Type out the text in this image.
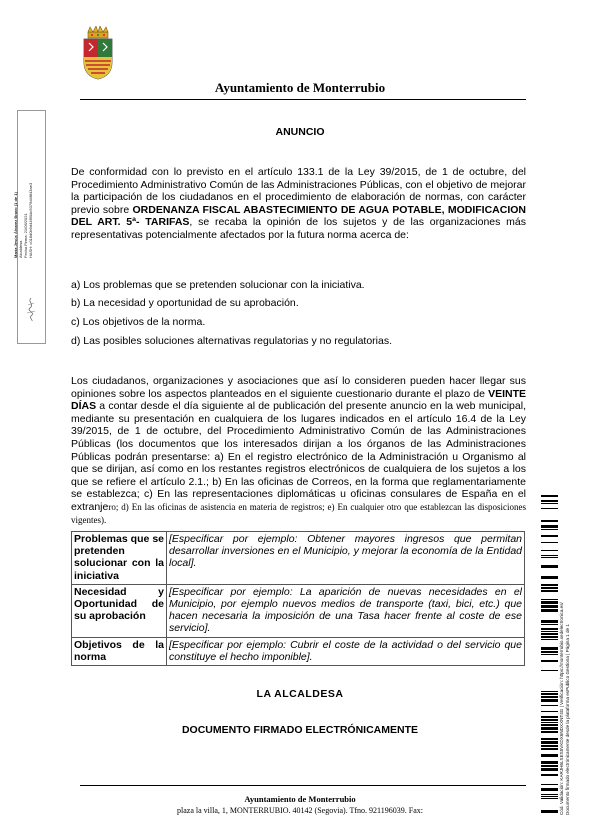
Ayuntamiento de Monterrubio
María Jesús Álvarez Bravo (1 de 1) Alcaldesa Fecha Firma: 21/06/2021 HASH: c018d0b9d44f90dc5079d4f843ae3
ANUNCIO

De conformidad con lo previsto en el artículo 133.1 de la Ley 39/2015, de 1 de octubre, del Procedimiento Administrativo Común de las Administraciones Públicas, con el objetivo de mejorar la participación de los ciudadanos en el procedimiento de elaboración de normas, con carácter previo sobre ORDENANZA FISCAL ABASTECIMIENTO DE AGUA POTABLE, MODIFICACION DEL ART. 5ª- TARIFAS, se recaba la opinión de los sujetos y de las organizaciones más representativas potencialmente afectados por la futura norma acerca de:

a) Los problemas que se pretenden solucionar con la iniciativa.
b) La necesidad y oportunidad de su aprobación.
c) Los objetivos de la norma.
d) Las posibles soluciones alternativas regulatorias y no regulatorias.

Los ciudadanos, organizaciones y asociaciones que así lo consideren pueden hacer llegar sus opiniones sobre los aspectos planteados en el siguiente cuestionario durante el plazo de VEINTE DÍAS a contar desde el día siguiente al de publicación del presente anuncio en la web municipal, mediante su presentación en cualquiera de los lugares indicados en el artículo 16.4 de la Ley 39/2015, de 1 de octubre, del Procedimiento Administrativo Común de las Administraciones Públicas (los documentos que los interesados dirijan a los órganos de las Administraciones Públicas podrán presentarse: a) En el registro electrónico de la Administración u Organismo al que se dirijan, así como en los restantes registros electrónicos de cualquiera de los sujetos a los que se refiere el artículo 2.1.; b) En las oficinas de Correos, en la forma que reglamentariamente se establezca; c) En las representaciones diplomáticas u oficinas consulares de España en el extranjero; d) En las oficinas de asistencia en materia de registros; e) En cualquier otro que establezcan las disposiciones vigentes).

Problemas que se pretenden solucionar con la iniciativa	[Especificar por ejemplo: Obtener mayores ingresos que permitan desarrollar inversiones en el Municipio, y mejorar la economía de la Entidad local].
Necesidad y Oportunidad de su aprobación	[Especificar por ejemplo: La aparición de nuevas necesidades en el Municipio, por ejemplo nuevos medios de transporte (taxi, bici, etc.) que hacen necesaria la imposición de una Tasa hacer frente al coste de ese servicio].
Objetivos de la norma	[Especificar por ejemplo: Cubrir el coste de la actividad o del servicio que constituye el hecho imponible].
LA ALCALDESA
DOCUMENTO FIRMADO ELECTRÓNICAMENTE
Ayuntamiento de Monterrubio
plaza la villa, 1, MONTERRUBIO. 40142 (Segovia). Tfno. 921196039. Fax:	Cód. Validación: KARJH6LSES5VKDX6NDXXNT4G | Verificación: https://monterrubio.sedelectronica.es/ Documento firmado electrónicamente desde la plataforma esPublico Gestiona | Página 1 de 1
